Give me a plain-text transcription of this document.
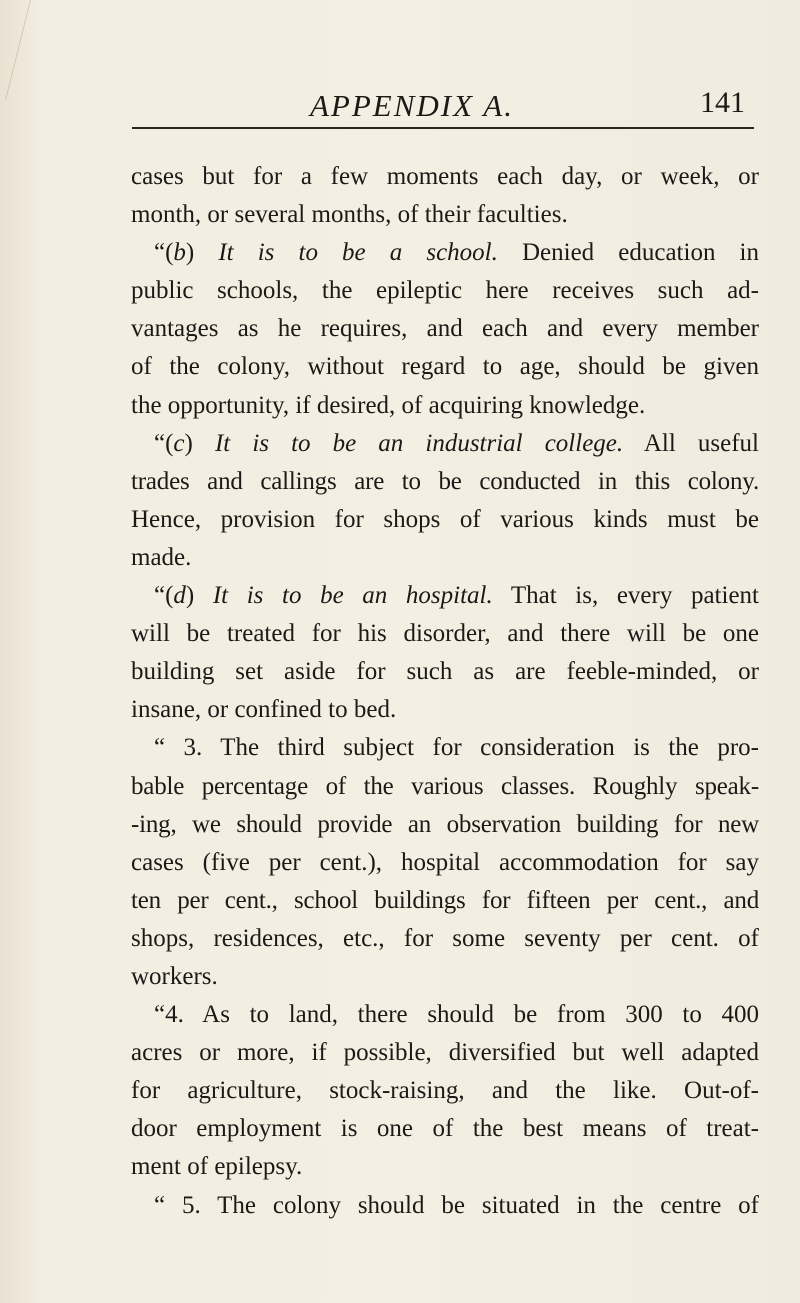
APPENDIX A.	141
cases but for a few moments each day, or week, or
month, or several months, of their faculties.
“(b) It is to be a school. Denied education in
public schools, the epileptic here receives such ad-
vantages as he requires, and each and every member
of the colony, without regard to age, should be given
the opportunity, if desired, of acquiring knowledge.
“(c) It is to be an industrial college. All useful
trades and callings are to be conducted in this colony.
Hence, provision for shops of various kinds must be
made.
“(d) It is to be an hospital. That is, every patient
will be treated for his disorder, and there will be one
building set aside for such as are feeble-minded, or
insane, or confined to bed.
“ 3. The third subject for consideration is the pro-
bable percentage of the various classes. Roughly speak-
-ing, we should provide an observation building for new
cases (five per cent.), hospital accommodation for say
ten per cent., school buildings for fifteen per cent., and
shops, residences, etc., for some seventy per cent. of
workers.
“4. As to land, there should be from 300 to 400
acres or more, if possible, diversified but well adapted
for agriculture, stock-raising, and the like. Out-of-
door employment is one of the best means of treat-
ment of epilepsy.
“ 5. The colony should be situated in the centre of
